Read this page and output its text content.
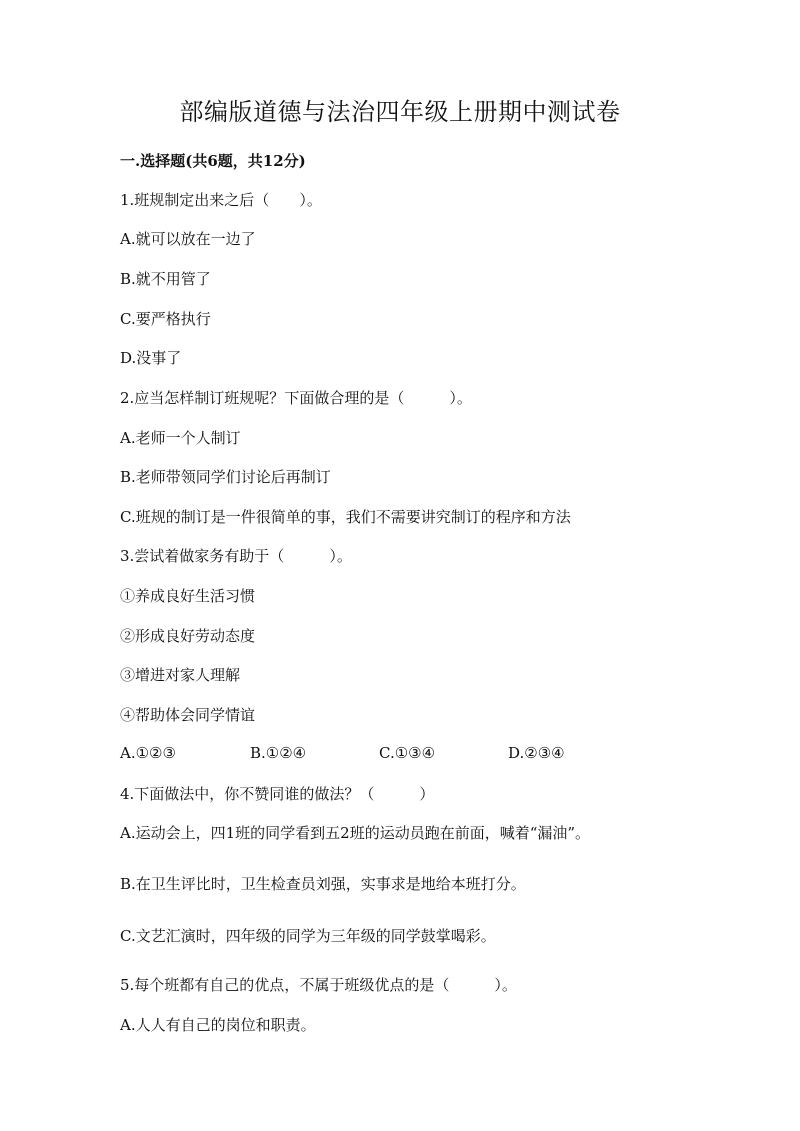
部编版道德与法治四年级上册期中测试卷
一.选择题(共6题，共12分)
1.班规制定出来之后（　　）。
A.就可以放在一边了
B.就不用管了
C.要严格执行
D.没事了
2.应当怎样制订班规呢？下面做合理的是（　　　）。
A.老师一个人制订
B.老师带领同学们讨论后再制订
C.班规的制订是一件很简单的事，我们不需要讲究制订的程序和方法
3.尝试着做家务有助于（　　　）。
①养成良好生活习惯
②形成良好劳动态度
③增进对家人理解
④帮助体会同学情谊
A.①②③	B.①②④	C.①③④	D.②③④
4.下面做法中，你不赞同谁的做法？（　　　）
A.运动会上，四1班的同学看到五2班的运动员跑在前面，喊着“漏油”。
B.在卫生评比时，卫生检查员刘强，实事求是地给本班打分。
C.文艺汇演时，四年级的同学为三年级的同学鼓掌喝彩。
5.每个班都有自己的优点，不属于班级优点的是（　　　）。
A.人人有自己的岗位和职责。
